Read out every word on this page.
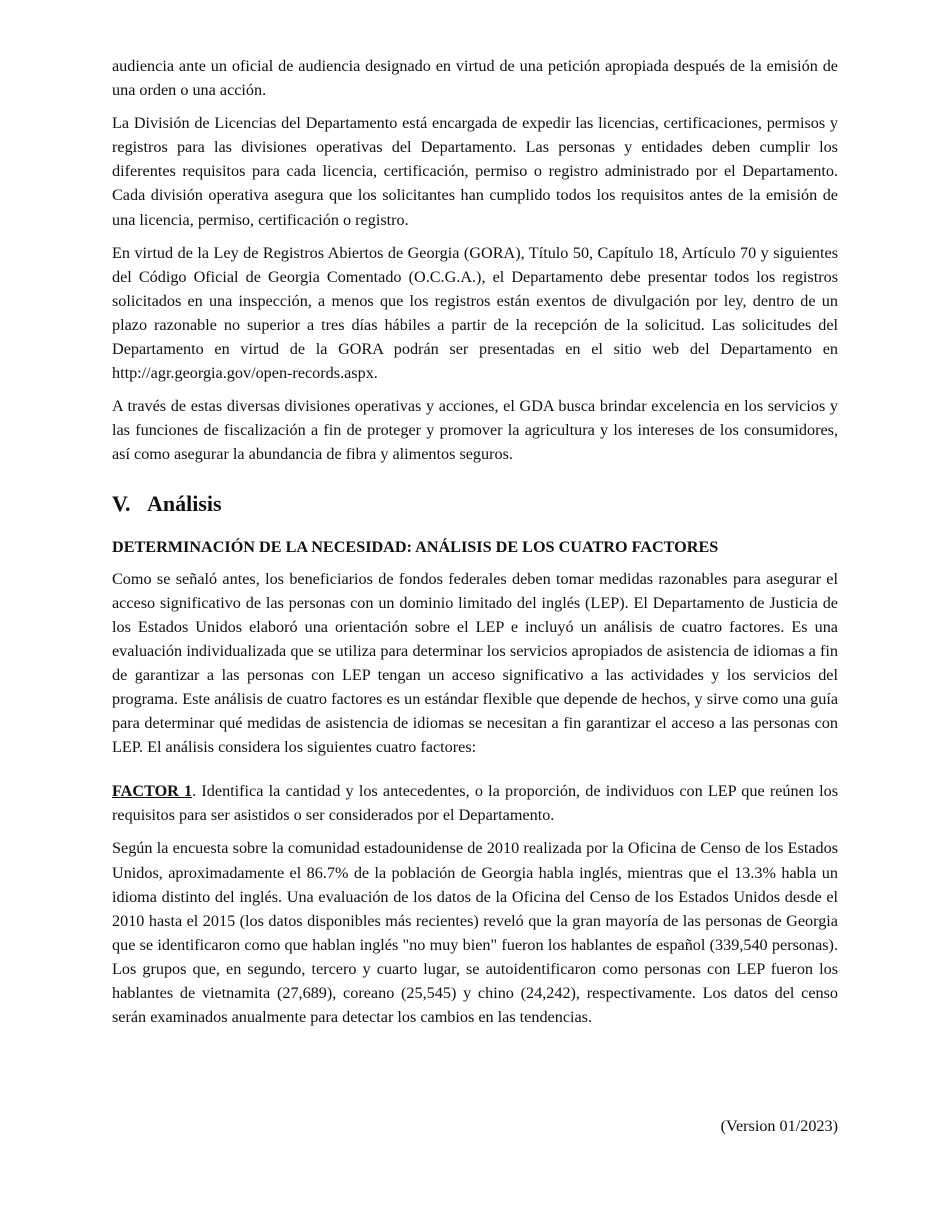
audiencia ante un oficial de audiencia designado en virtud de una petición apropiada después de la emisión de una orden o una acción.

La División de Licencias del Departamento está encargada de expedir las licencias, certificaciones, permisos y registros para las divisiones operativas del Departamento. Las personas y entidades deben cumplir los diferentes requisitos para cada licencia, certificación, permiso o registro administrado por el Departamento. Cada división operativa asegura que los solicitantes han cumplido todos los requisitos antes de la emisión de una licencia, permiso, certificación o registro.

En virtud de la Ley de Registros Abiertos de Georgia (GORA), Título 50, Capítulo 18, Artículo 70 y siguientes del Código Oficial de Georgia Comentado (O.C.G.A.), el Departamento debe presentar todos los registros solicitados en una inspección, a menos que los registros están exentos de divulgación por ley, dentro de un plazo razonable no superior a tres días hábiles a partir de la recepción de la solicitud. Las solicitudes del Departamento en virtud de la GORA podrán ser presentadas en el sitio web del Departamento en http://agr.georgia.gov/open-records.aspx.

A través de estas diversas divisiones operativas y acciones, el GDA busca brindar excelencia en los servicios y las funciones de fiscalización a fin de proteger y promover la agricultura y los intereses de los consumidores, así como asegurar la abundancia de fibra y alimentos seguros.

V. Análisis
DETERMINACIÓN DE LA NECESIDAD: ANÁLISIS DE LOS CUATRO FACTORES

Como se señaló antes, los beneficiarios de fondos federales deben tomar medidas razonables para asegurar el acceso significativo de las personas con un dominio limitado del inglés (LEP). El Departamento de Justicia de los Estados Unidos elaboró una orientación sobre el LEP e incluyó un análisis de cuatro factores. Es una evaluación individualizada que se utiliza para determinar los servicios apropiados de asistencia de idiomas a fin de garantizar a las personas con LEP tengan un acceso significativo a las actividades y los servicios del programa. Este análisis de cuatro factores es un estándar flexible que depende de hechos, y sirve como una guía para determinar qué medidas de asistencia de idiomas se necesitan a fin garantizar el acceso a las personas con LEP. El análisis considera los siguientes cuatro factores:

FACTOR 1. Identifica la cantidad y los antecedentes, o la proporción, de individuos con LEP que reúnen los requisitos para ser asistidos o ser considerados por el Departamento.

Según la encuesta sobre la comunidad estadounidense de 2010 realizada por la Oficina de Censo de los Estados Unidos, aproximadamente el 86.7% de la población de Georgia habla inglés, mientras que el 13.3% habla un idioma distinto del inglés. Una evaluación de los datos de la Oficina del Censo de los Estados Unidos desde el 2010 hasta el 2015 (los datos disponibles más recientes) reveló que la gran mayoría de las personas de Georgia que se identificaron como que hablan inglés "no muy bien" fueron los hablantes de español (339,540 personas). Los grupos que, en segundo, tercero y cuarto lugar, se autoidentificaron como personas con LEP fueron los hablantes de vietnamita (27,689), coreano (25,545) y chino (24,242), respectivamente. Los datos del censo serán examinados anualmente para detectar los cambios en las tendencias.

(Version 01/2023)
